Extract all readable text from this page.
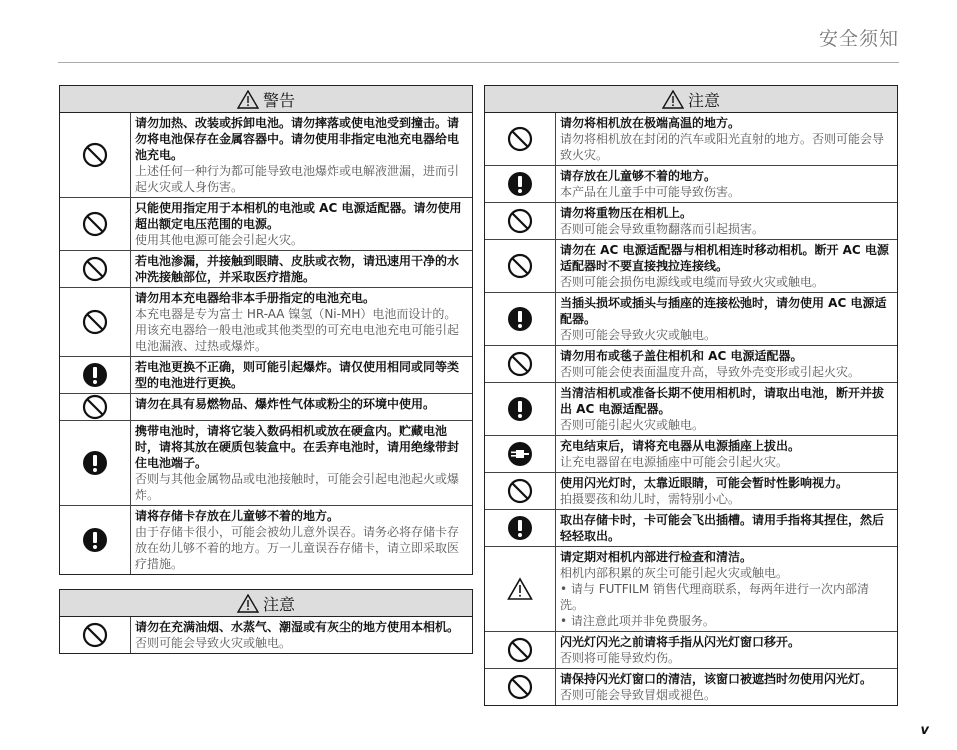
安全须知
警告
请勿加热、改装或拆卸电池。请勿摔落或使电池受到撞击。请勿将电池保存在金属容器中。请勿使用非指定电池充电器给电池充电。
上述任何一种行为都可能导致电池爆炸或电解液泄漏，进而引起火灾或人身伤害。
只能使用指定用于本相机的电池或 AC 电源适配器。请勿使用超出额定电压范围的电源。
使用其他电源可能会引起火灾。
若电池渗漏，并接触到眼睛、皮肤或衣物，请迅速用干净的水冲洗接触部位，并采取医疗措施。
请勿用本充电器给非本手册指定的电池充电。
本充电器是专为富士 HR-AA 镍氢（Ni-MH）电池而设计的。用该充电器给一般电池或其他类型的可充电电池充电可能引起电池漏液、过热或爆炸。
若电池更换不正确，则可能引起爆炸。请仅使用相同或同等类型的电池进行更换。
请勿在具有易燃物品、爆炸性气体或粉尘的环境中使用。
携带电池时，请将它装入数码相机或放在硬盒内。贮藏电池时，请将其放在硬质包装盒中。在丢弃电池时，请用绝缘带封住电池端子。
否则与其他金属物品或电池接触时，可能会引起电池起火或爆炸。
请将存储卡存放在儿童够不着的地方。
由于存储卡很小，可能会被幼儿意外误吞。请务必将存储卡存放在幼儿够不着的地方。万一儿童误吞存储卡，请立即采取医疗措施。
注意
请勿在充满油烟、水蒸气、潮湿或有灰尘的地方使用本相机。
否则可能会导致火灾或触电。
注意
请勿将相机放在极端高温的地方。
请勿将相机放在封闭的汽车或阳光直射的地方。否则可能会导致火灾。
请存放在儿童够不着的地方。
本产品在儿童手中可能导致伤害。
请勿将重物压在相机上。
否则可能会导致重物翻落而引起损害。
请勿在 AC 电源适配器与相机相连时移动相机。断开 AC 电源适配器时不要直接拽拉连接线。
否则可能会损伤电源线或电缆而导致火灾或触电。
当插头损坏或插头与插座的连接松弛时，请勿使用 AC 电源适配器。
否则可能会导致火灾或触电。
请勿用布或毯子盖住相机和 AC 电源适配器。
否则可能会使表面温度升高，导致外壳变形或引起火灾。
当清洁相机或准备长期不使用相机时，请取出电池，断开并拔出 AC 电源适配器。
否则可能引起火灾或触电。
充电结束后，请将充电器从电源插座上拔出。
让充电器留在电源插座中可能会引起火灾。
使用闪光灯时，太靠近眼睛，可能会暂时性影响视力。
拍摄婴孩和幼儿时，需特别小心。
取出存储卡时，卡可能会飞出插槽。请用手指将其捏住，然后轻轻取出。
请定期对相机内部进行检查和清洁。
相机内部积累的灰尘可能引起火灾或触电。
• 请与 FUTFILM 销售代理商联系，每两年进行一次内部清洗。
• 请注意此项并非免费服务。
闪光灯闪光之前请将手指从闪光灯窗口移开。
否则将可能导致灼伤。
请保持闪光灯窗口的清洁，该窗口被遮挡时勿使用闪光灯。
否则可能会导致冒烟或褪色。
v
